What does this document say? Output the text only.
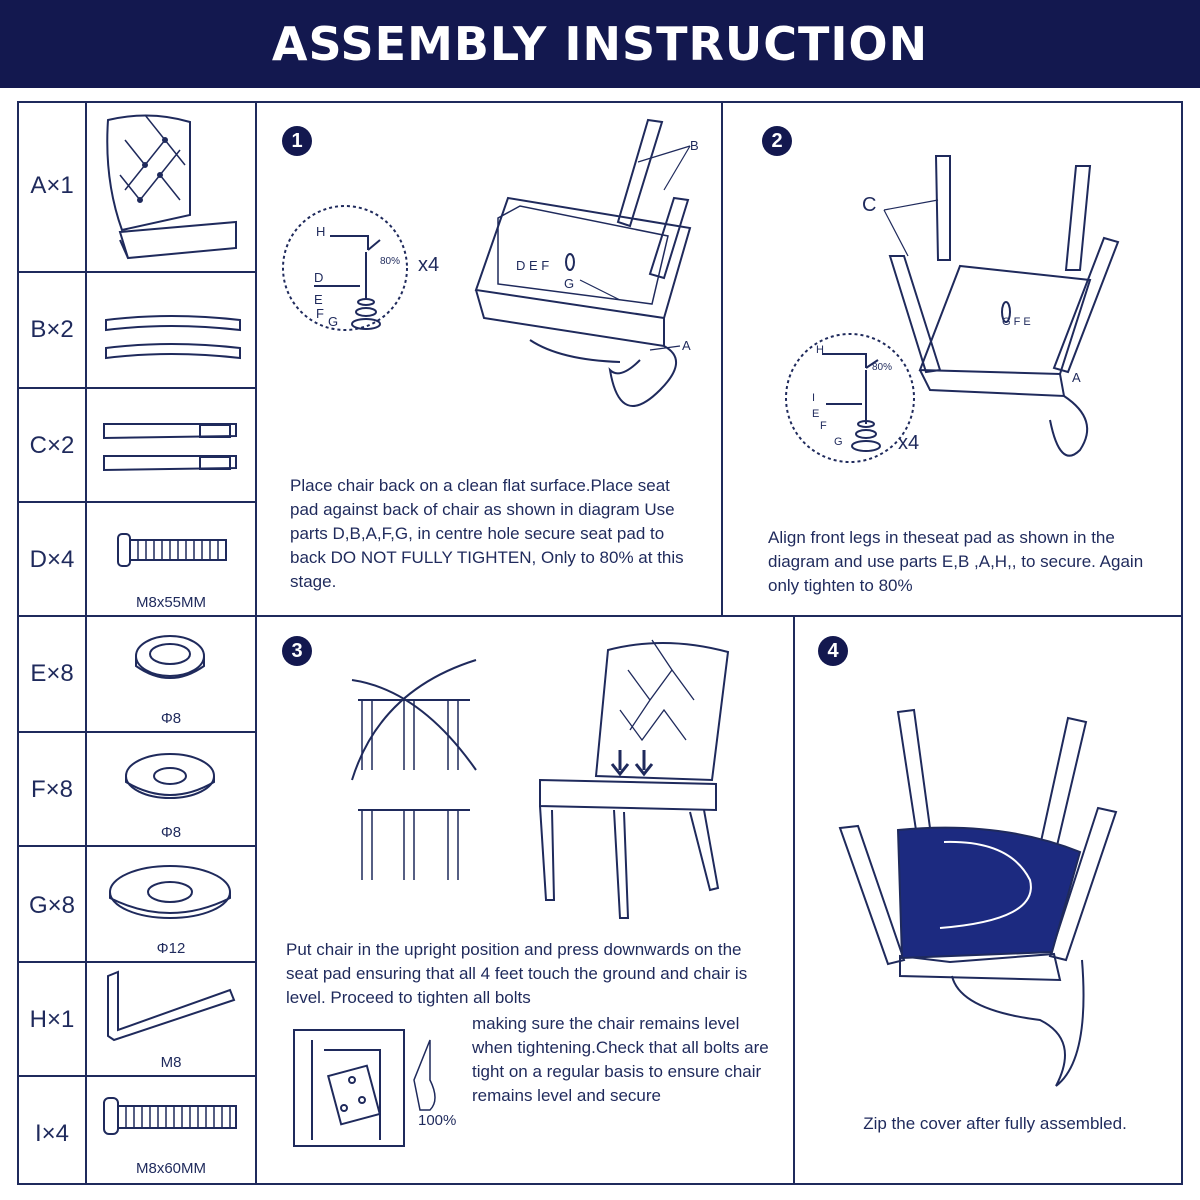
ASSEMBLY INSTRUCTION
A×1
B×2
C×2
D×4
E×8
F×8
G×8
H×1
I×4
M8x55MM
Φ8
Φ8
Φ12
M8
M8x60MM
1
H
80%
D
E
F
G
x4
B
A
D E F
G
Place chair back on a clean flat surface.Place seat pad against back of chair as shown in diagram Use parts D,B,A,F,G, in centre hole secure seat pad to back DO NOT FULLY TIGHTEN, Only to 80% at this stage.
2
C
A
H
80%
I
E
F
G	x4
G F E
Align front legs in theseat pad as shown in the diagram and use parts E,B ,A,H,, to secure. Again only tighten to 80%
3
Put chair in the upright position and press downwards on the seat pad ensuring that all 4 feet touch the ground and chair is level. Proceed to tighten all bolts
making sure the chair remains level when tightening.Check that all bolts are tight on a regular basis to ensure chair remains level and secure
100%
4
Zip the cover after fully assembled.
